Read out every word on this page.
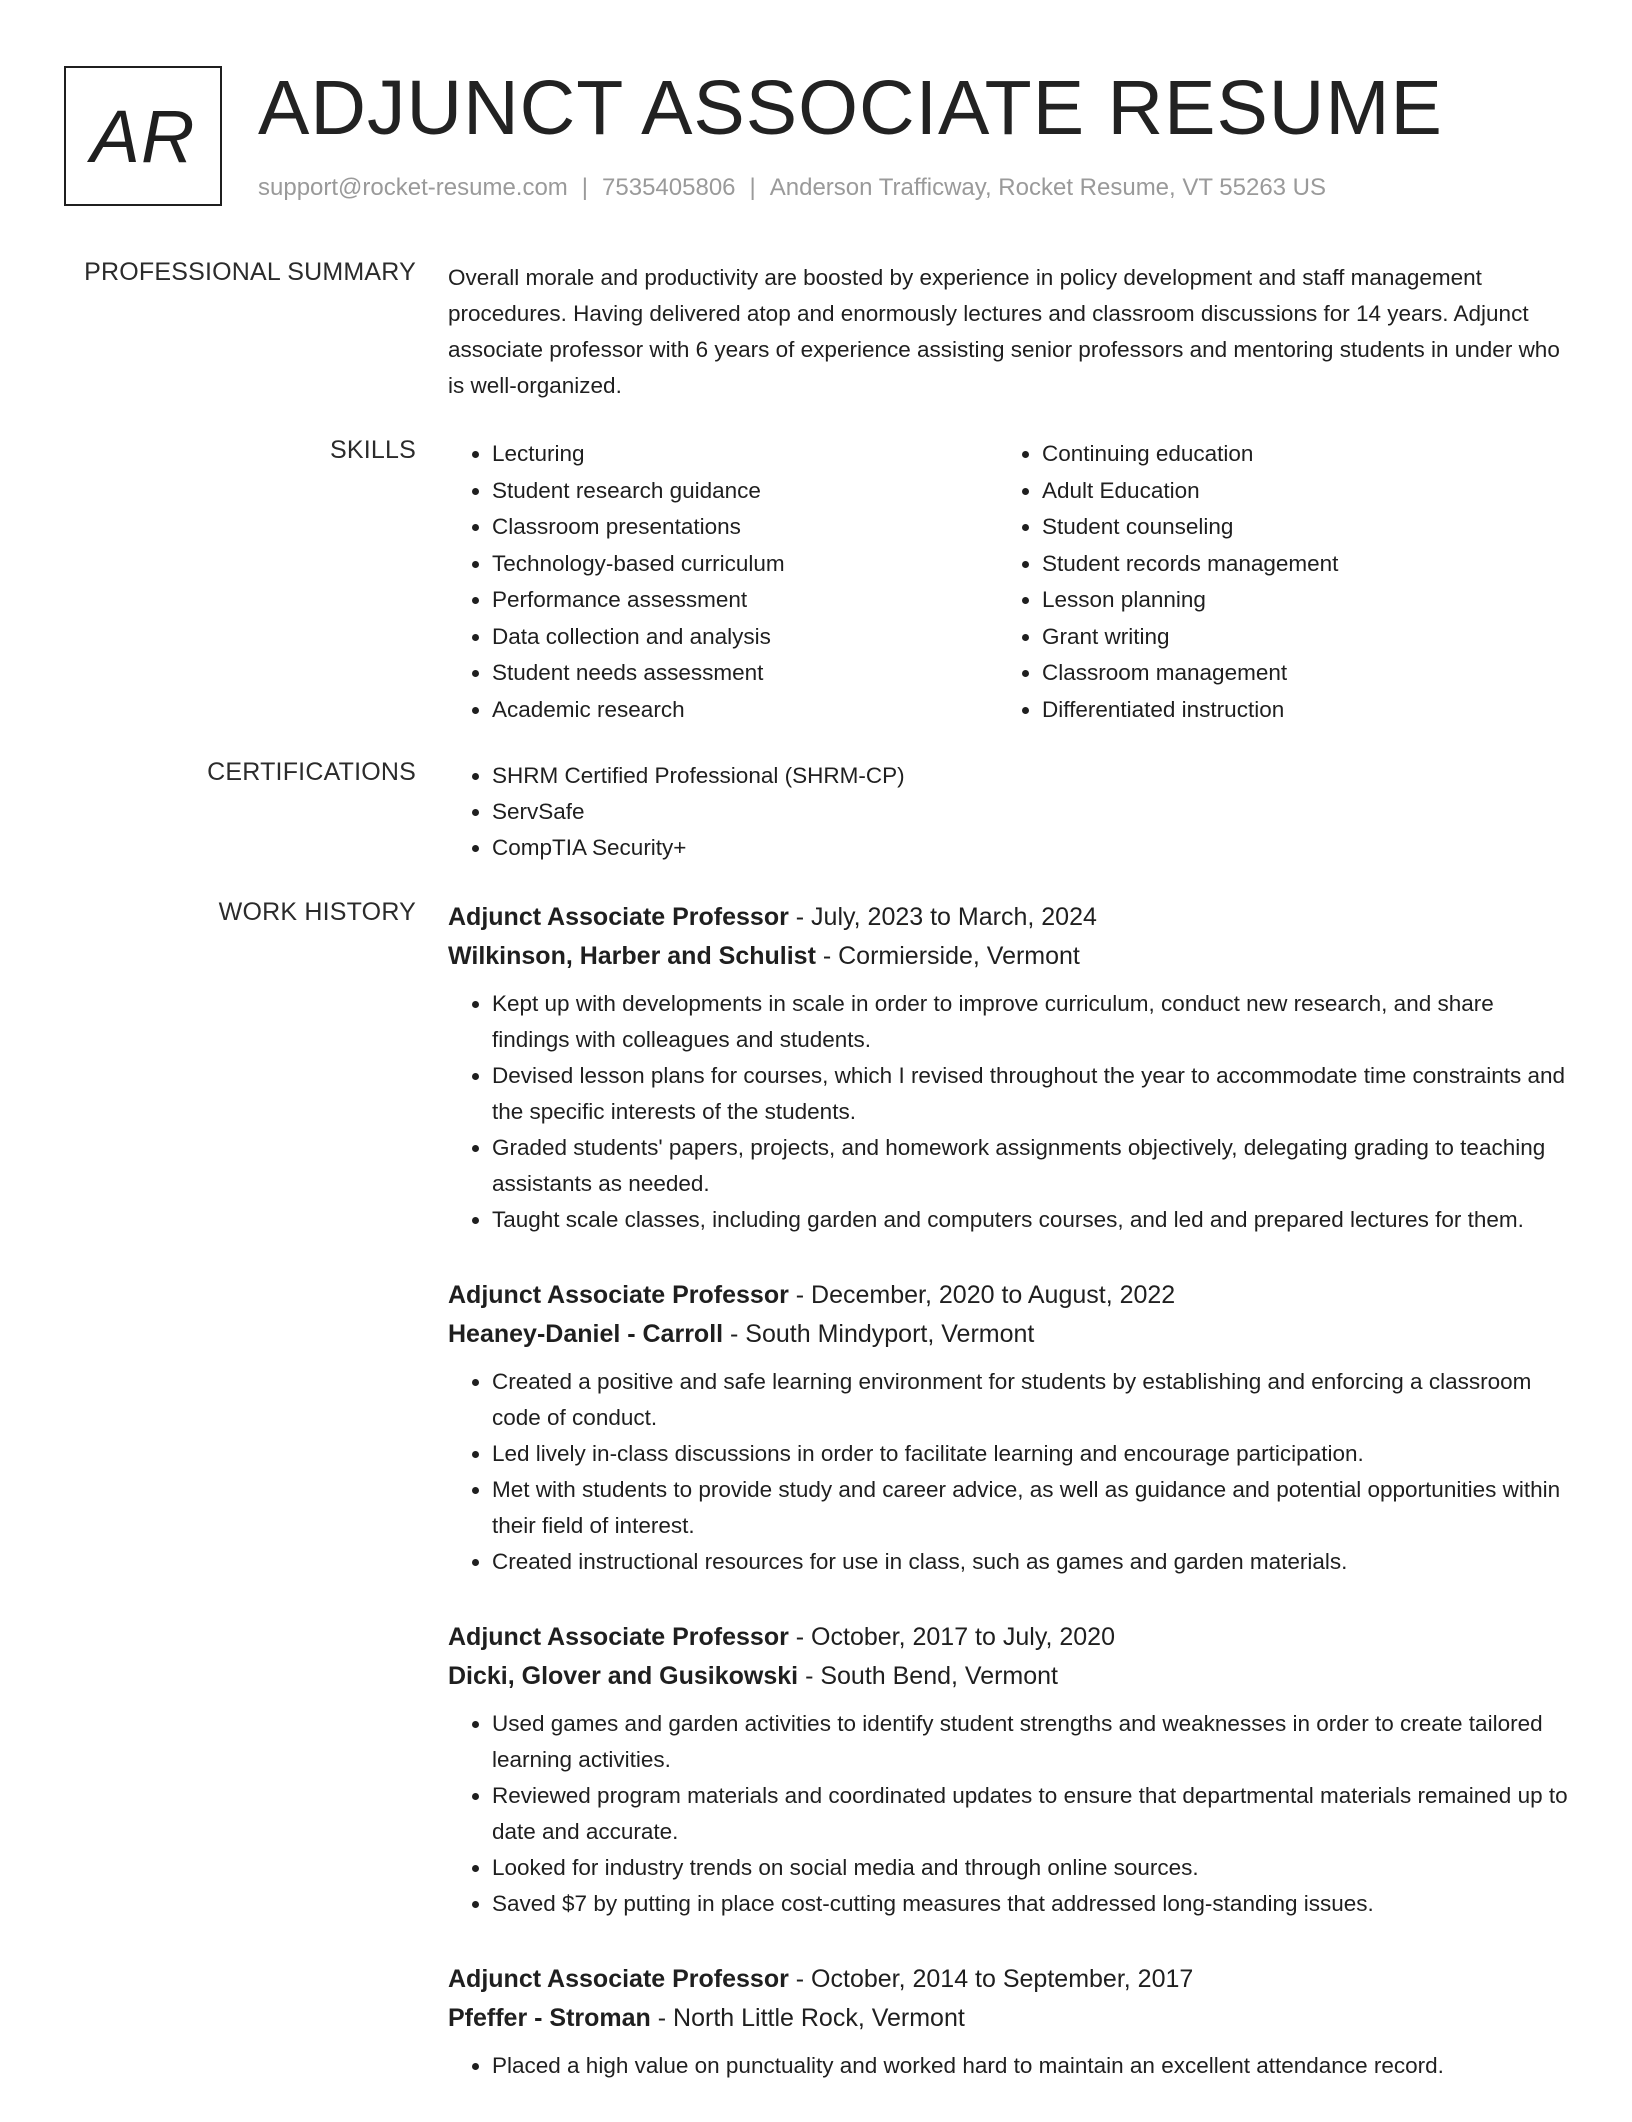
AR ADJUNCT ASSOCIATE RESUME
support@rocket-resume.com | 7535405806 | Anderson Trafficway, Rocket Resume, VT 55263 US
PROFESSIONAL SUMMARY Overall morale and productivity are boosted by experience in policy development and staff management procedures. Having delivered atop and enormously lectures and classroom discussions for 14 years. Adjunct associate professor with 6 years of experience assisting senior professors and mentoring students in under who is well-organized.

SKILLS	• Lecturing
• Student research guidance
• Classroom presentations
• Technology-based curriculum
• Performance assessment
• Data collection and analysis
• Student needs assessment
• Academic research
• Continuing education
• Adult Education
• Student counseling
• Student records management
• Lesson planning
• Grant writing
• Classroom management
• Differentiated instruction
CERTIFICATIONS	• SHRM Certified Professional (SHRM-CP)
• ServSafe
• CompTIA Security+
WORK HISTORY Adjunct Associate Professor - July, 2023 to March, 2024
Wilkinson, Harber and Schulist - Cormierside, Vermont
• Kept up with developments in scale in order to improve curriculum, conduct new research, and share findings with colleagues and students.
• Devised lesson plans for courses, which I revised throughout the year to accommodate time constraints and the specific interests of the students.
• Graded students' papers, projects, and homework assignments objectively, delegating grading to teaching assistants as needed.
• Taught scale classes, including garden and computers courses, and led and prepared lectures for them.
Adjunct Associate Professor - December, 2020 to August, 2022
Heaney-Daniel - Carroll - South Mindyport, Vermont
• Created a positive and safe learning environment for students by establishing and enforcing a classroom code of conduct.
• Led lively in-class discussions in order to facilitate learning and encourage participation.
• Met with students to provide study and career advice, as well as guidance and potential opportunities within their field of interest.
• Created instructional resources for use in class, such as games and garden materials.
Adjunct Associate Professor - October, 2017 to July, 2020
Dicki, Glover and Gusikowski - South Bend, Vermont
• Used games and garden activities to identify student strengths and weaknesses in order to create tailored learning activities.
• Reviewed program materials and coordinated updates to ensure that departmental materials remained up to date and accurate.
• Looked for industry trends on social media and through online sources.
• Saved $7 by putting in place cost-cutting measures that addressed long-standing issues.
Adjunct Associate Professor - October, 2014 to September, 2017
Pfeffer - Stroman - North Little Rock, Vermont
• Placed a high value on punctuality and worked hard to maintain an excellent attendance record.
